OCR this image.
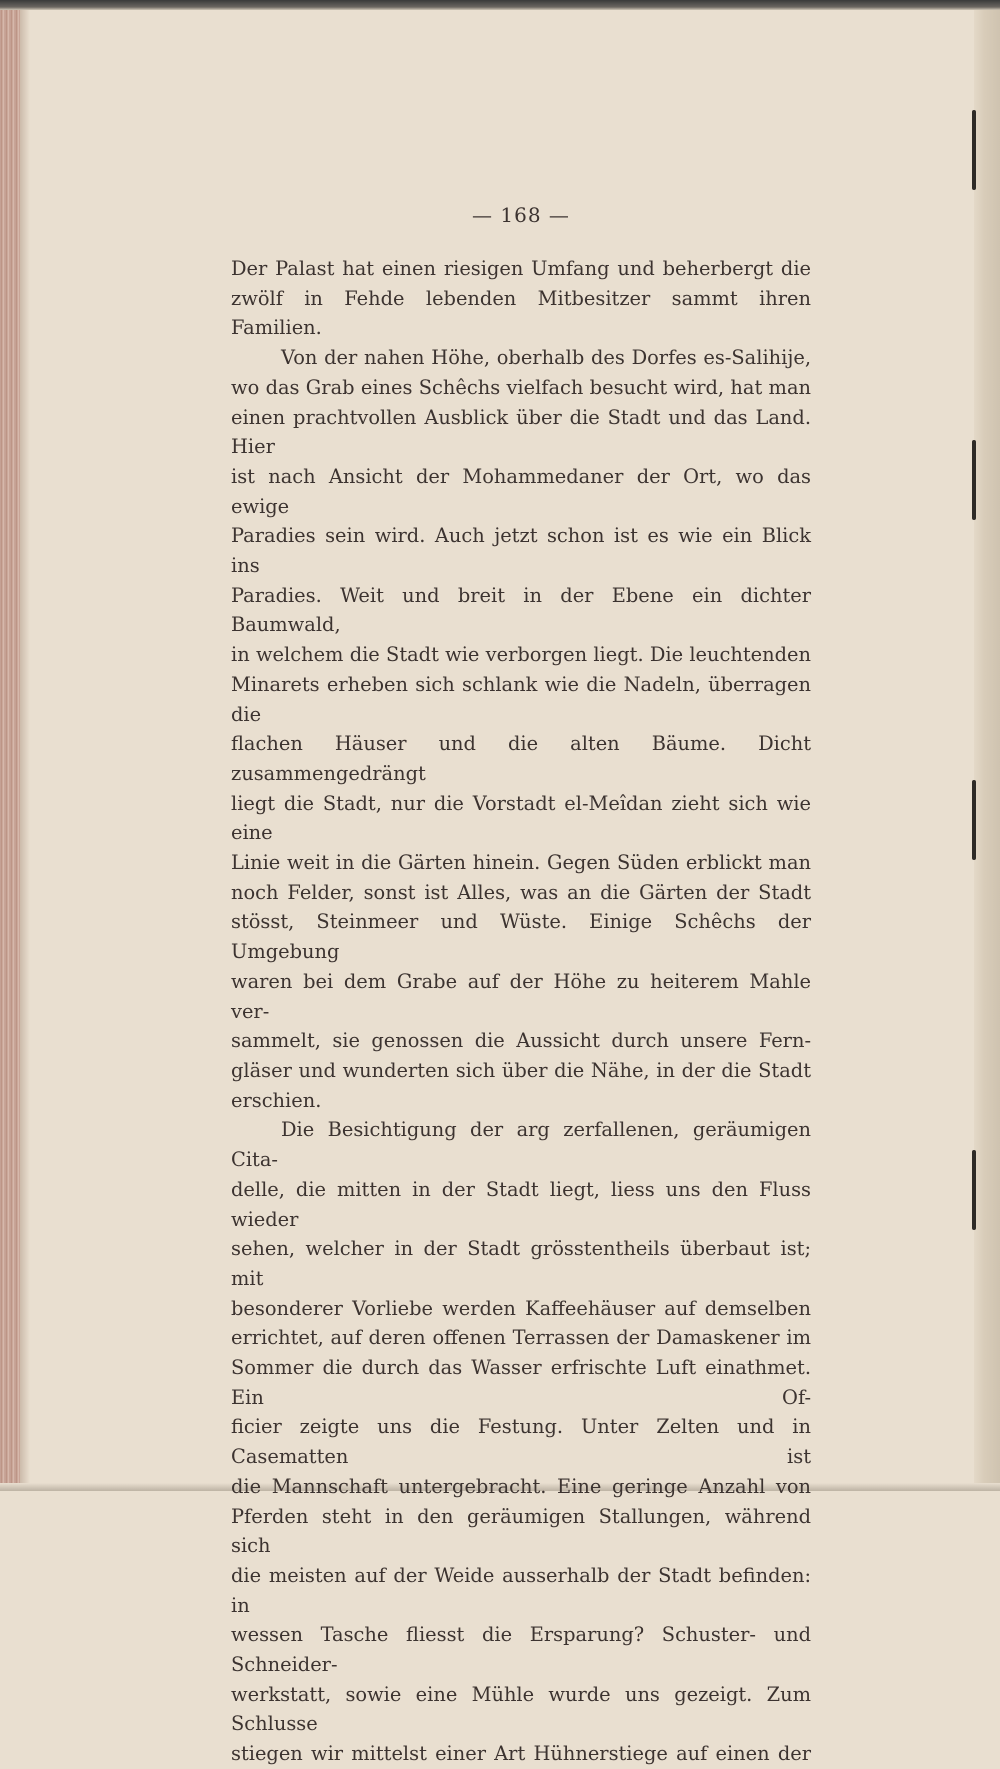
— 168 —

Der Palast hat einen riesigen Umfang und beherbergt die

zwölf in Fehde lebenden Mitbesitzer sammt ihren Familien.

Von der nahen Höhe, oberhalb des Dorfes es-Salihije,

wo das Grab eines Schêchs vielfach besucht wird, hat man

einen prachtvollen Ausblick über die Stadt und das Land. Hier

ist nach Ansicht der Mohammedaner der Ort, wo das ewige

Paradies sein wird. Auch jetzt schon ist es wie ein Blick ins

Paradies. Weit und breit in der Ebene ein dichter Baumwald,

in welchem die Stadt wie verborgen liegt. Die leuchtenden

Minarets erheben sich schlank wie die Nadeln, überragen die

flachen Häuser und die alten Bäume. Dicht zusammengedrängt

liegt die Stadt, nur die Vorstadt el-Meîdan zieht sich wie eine

Linie weit in die Gärten hinein. Gegen Süden erblickt man

noch Felder, sonst ist Alles, was an die Gärten der Stadt

stösst, Steinmeer und Wüste. Einige Schêchs der Umgebung

waren bei dem Grabe auf der Höhe zu heiterem Mahle ver-

sammelt, sie genossen die Aussicht durch unsere Fern-

gläser und wunderten sich über die Nähe, in der die Stadt

erschien.

Die Besichtigung der arg zerfallenen, geräumigen Cita-

delle, die mitten in der Stadt liegt, liess uns den Fluss wieder

sehen, welcher in der Stadt grösstentheils überbaut ist; mit

besonderer Vorliebe werden Kaffeehäuser auf demselben

errichtet, auf deren offenen Terrassen der Damaskener im

Sommer die durch das Wasser erfrischte Luft einathmet. Ein Of-

ficier zeigte uns die Festung. Unter Zelten und in Casematten ist

die Mannschaft untergebracht. Eine geringe Anzahl von

Pferden steht in den geräumigen Stallungen, während sich

die meisten auf der Weide ausserhalb der Stadt befinden: in

wessen Tasche fliesst die Ersparung? Schuster- und Schneider-

werkstatt, sowie eine Mühle wurde uns gezeigt. Zum Schlusse

stiegen wir mittelst einer Art Hühnerstiege auf einen der
